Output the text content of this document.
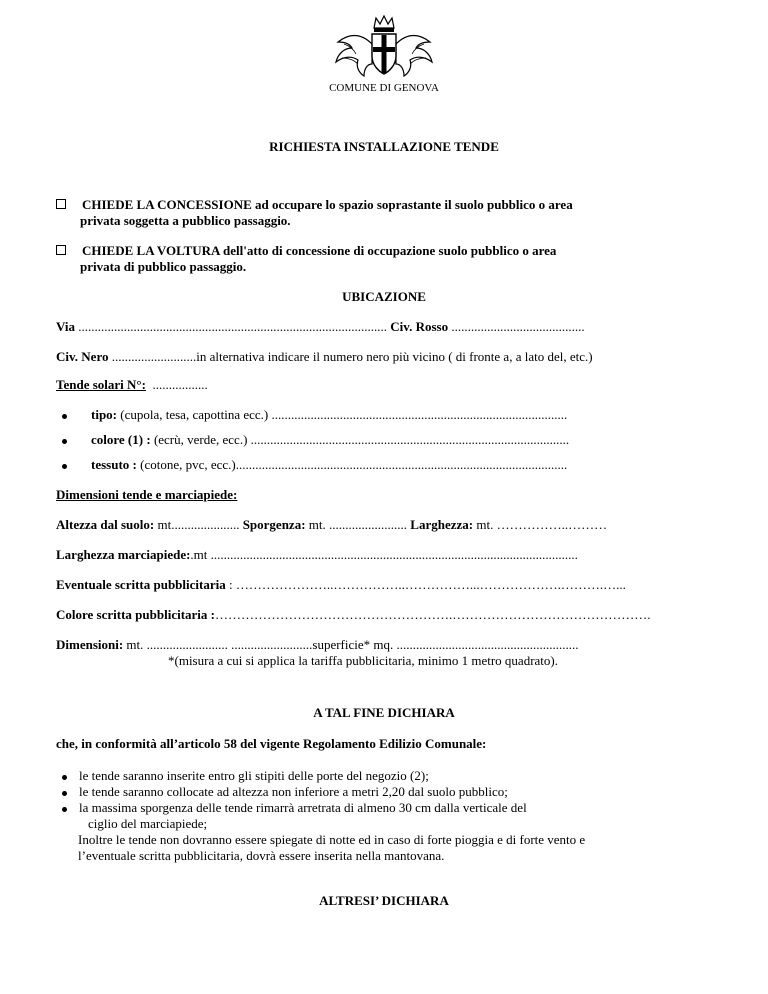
COMUNE DI GENOVA
RICHIESTA INSTALLAZIONE TENDE
CHIEDE LA CONCESSIONE ad occupare lo spazio soprastante il suolo pubblico o area
privata soggetta a pubblico passaggio.
CHIEDE LA VOLTURA dell'atto di concessione di occupazione suolo pubblico o area
privata di pubblico passaggio.
UBICAZIONE
Via ............................................................................................... Civ. Rosso .........................................
Civ. Nero ..........................in alternativa indicare il numero nero più vicino ( di fronte a, a lato del, etc.)
Tende solari N°: .................
tipo: (cupola, tesa, capottina ecc.) ...........................................................................................
colore (1) : (ecrù, verde, ecc.) ..................................................................................................
tessuto : (cotone, pvc, ecc.)......................................................................................................
Dimensioni tende e marciapiede:
Altezza dal suolo: mt..................... Sporgenza: mt. ........................ Larghezza: mt. ……………..………
Larghezza marciapiede:.mt .................................................................................................................
Eventuale scritta pubblicitaria : …………………..……………..……………...……………….……….…...
Colore scritta pubblicitaria :……………………………………………….……………………………………….
Dimensioni: mt. ......................... .........................superficie* mq. ........................................................
*(misura a cui si applica la tariffa pubblicitaria, minimo 1 metro quadrato).
A TAL FINE DICHIARA
che, in conformità all’articolo 58 del vigente Regolamento Edilizio Comunale:
le tende saranno inserite entro gli stipiti delle porte del negozio (2);
le tende saranno collocate ad altezza non inferiore a metri 2,20 dal suolo pubblico;
la massima sporgenza delle tende rimarrà arretrata di almeno 30 cm dalla verticale del
ciglio del marciapiede;
Inoltre le tende non dovranno essere spiegate di notte ed in caso di forte pioggia e di forte vento e
l’eventuale scritta pubblicitaria, dovrà essere inserita nella mantovana.
ALTRESI’ DICHIARA
